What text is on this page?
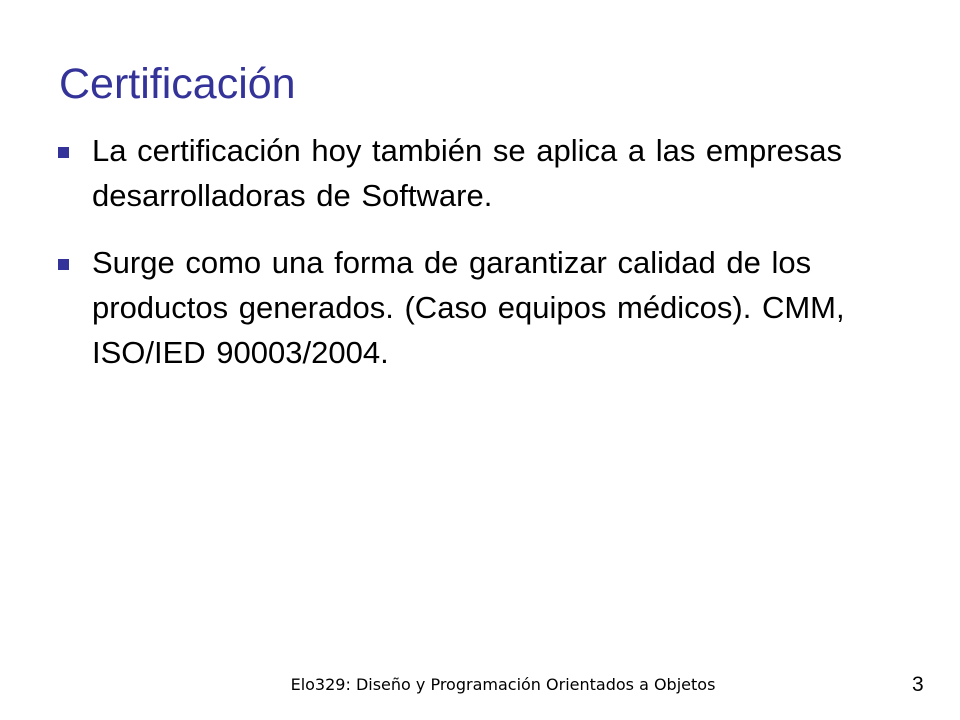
Certificación
La certificación hoy también se aplica a las empresas desarrolladoras de Software.
Surge como una forma de garantizar calidad de los productos generados. (Caso equipos médicos). CMM, ISO/IED 90003/2004.
Elo329: Diseño y Programación Orientados a Objetos	3
